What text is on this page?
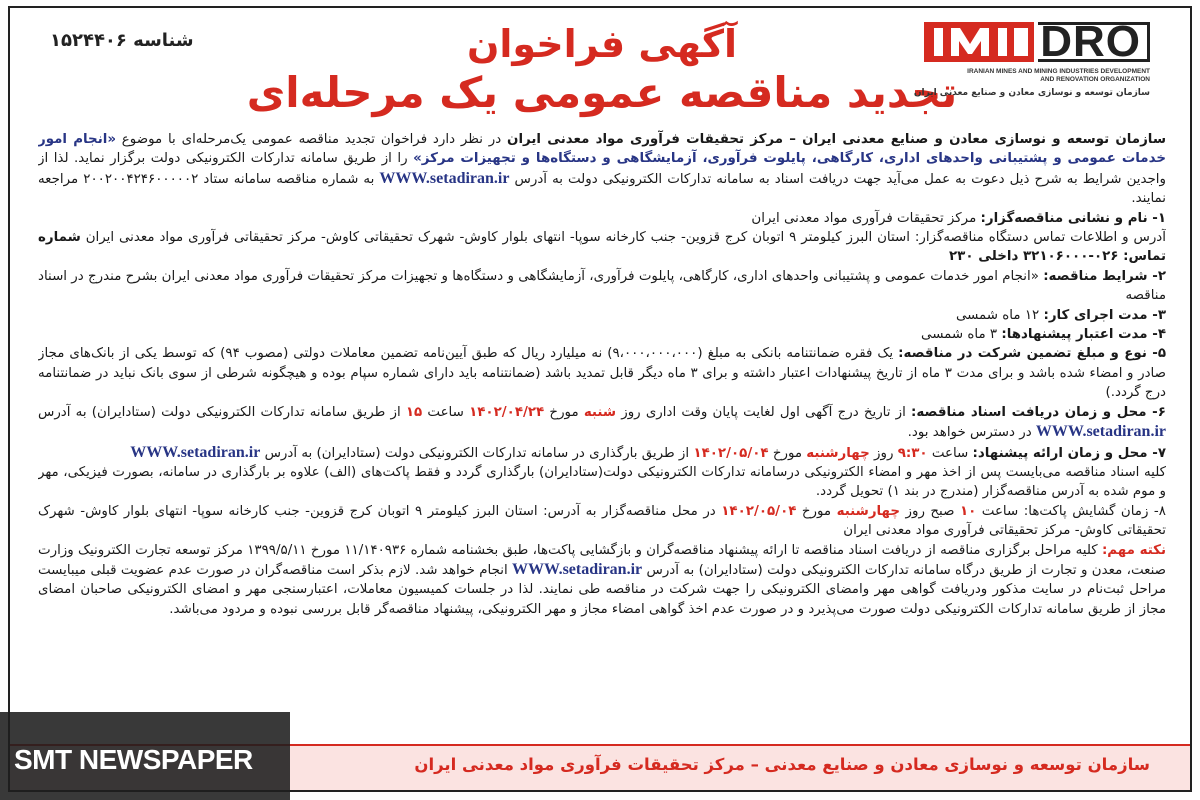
شناسه ۱۵۲۴۴۰۶	آگهی فراخوان
تجدید مناقصه عمومی یک مرحله‌ای
DRO
IRANIAN MINES AND MINING INDUSTRIES DEVELOPMENT
AND RENOVATION ORGANIZATION
سازمان توسعه و نوسازی معادن و صنایع معدنی ایران

سازمان توسعه و نوسازی معادن و صنایع معدنی ایران – مرکز تحقیقات فرآوری مواد معدنی ایران در نظر دارد فراخوان تجدید مناقصه عمومی یک‌مرحله‌ای با موضوع «انجام امور خدمات عمومی و پشتیبانی واحدهای اداری، کارگاهی، پایلوت فرآوری، آزمایشگاهی و دستگاه‌ها و تجهیزات مرکز» را از طریق سامانه تدارکات الکترونیکی دولت برگزار نماید. لذا از واجدین شرایط به شرح ذیل دعوت به عمل می‌آید جهت دریافت اسناد به سامانه تدارکات الکترونیکی دولت به آدرس WWW.setadiran.ir به شماره مناقصه سامانه ستاد ۲۰۰۲۰۰۴۲۴۶۰۰۰۰۰۲ مراجعه نمایند.

۱- نام و نشانی مناقصه‌گزار: مرکز تحقیقات فرآوری مواد معدنی ایران

آدرس و اطلاعات تماس دستگاه مناقصه‌گزار: استان البرز کیلومتر ۹ اتوبان کرج قزوین- جنب کارخانه سوپا- انتهای بلوار کاوش- شهرک تحقیقاتی کاوش- مرکز تحقیقاتی فرآوری مواد معدنی ایران شماره تماس: ۰۲۶-۳۲۱۰۶۰۰۰ داخلی ۲۳۰

۲- شرایط مناقصه: «انجام امور خدمات عمومی و پشتیبانی واحدهای اداری، کارگاهی، پایلوت فرآوری، آزمایشگاهی و دستگاه‌ها و تجهیزات مرکز تحقیقات فرآوری مواد معدنی ایران بشرح مندرج در اسناد مناقصه

۳- مدت اجرای کار: ۱۲ ماه شمسی

۴- مدت اعتبار پیشنهادها: ۳ ماه شمسی

۵- نوع و مبلغ تضمین شرکت در مناقصه: یک فقره ضمانتنامه بانکی به مبلغ (۹،۰۰۰،۰۰۰،۰۰۰) نه میلیارد ریال که طبق آیین‌نامه تضمین معاملات دولتی (مصوب ۹۴) که توسط یکی از بانک‌های مجاز صادر و امضاء شده باشد و برای مدت ۳ ماه از تاریخ پیشنهادات اعتبار داشته و برای ۳ ماه دیگر قابل تمدید باشد (ضمانتنامه باید دارای شماره سپام بوده و هیچگونه شرطی از سوی بانک نباید در ضمانتنامه درج گردد.)

۶- محل و زمان دریافت اسناد مناقصه: از تاریخ درج آگهی اول لغایت پایان وقت اداری روز شنبه مورخ ۱۴۰۲/۰۴/۲۴ ساعت ۱۵ از طریق سامانه تدارکات الکترونیکی دولت (ستادایران) به آدرس WWW.setadiran.ir در دسترس خواهد بود.

۷- محل و زمان ارائه پیشنهاد: ساعت ۹:۳۰ روز چهارشنبه مورخ ۱۴۰۲/۰۵/۰۴ از طریق بارگذاری در سامانه تدارکات الکترونیکی دولت (ستادایران) به آدرس WWW.setadiran.ir

کلیه اسناد مناقصه می‌بایست پس از اخذ مهر و امضاء الکترونیکی درسامانه تدارکات الکترونیکی دولت(ستادایران) بارگذاری گردد و فقط پاکت‌های (الف) علاوه بر بارگذاری در سامانه، بصورت فیزیکی، مهر و موم شده به آدرس مناقصه‌گزار (مندرج در بند ۱) تحویل گردد.

۸- زمان گشایش پاکت‌ها: ساعت ۱۰ صبح روز چهارشنبه مورخ ۱۴۰۲/۰۵/۰۴ در محل مناقصه‌گزار به آدرس: استان البرز کیلومتر ۹ اتوبان کرج قزوین- جنب کارخانه سوپا- انتهای بلوار کاوش- شهرک تحقیقاتی کاوش- مرکز تحقیقاتی فرآوری مواد معدنی ایران

نکته مهم: کلیه مراحل برگزاری مناقصه از دریافت اسناد مناقصه تا ارائه پیشنهاد مناقصه‌گران و بازگشایی پاکت‌ها، طبق بخشنامه شماره ۱۱/۱۴۰۹۳۶ مورخ ۱۳۹۹/۵/۱۱ مرکز توسعه تجارت الکترونیک وزارت صنعت، معدن و تجارت از طریق درگاه سامانه تدارکات الکترونیکی دولت (ستادایران) به آدرس WWW.setadiran.ir انجام خواهد شد. لازم بذکر است مناقصه‌گران در صورت عدم عضویت قبلی میبایست مراحل ثبت‌نام در سایت مذکور ودریافت گواهی مهر وامضای الکترونیکی را جهت شرکت در مناقصه طی نمایند. لذا در جلسات کمیسیون معاملات، اعتبارسنجی مهر و امضای الکترونیکی صاحبان امضای مجاز از طریق سامانه تدارکات الکترونیکی دولت صورت می‌پذیرد و در صورت عدم اخذ گواهی امضاء مجاز و مهر الکترونیکی، پیشنهاد مناقصه‌گر قابل بررسی نبوده و مردود می‌باشد.

سازمان توسعه و نوسازی معادن و صنایع معدنی – مرکز تحقیقات فرآوری مواد معدنی ایران
SMT NEWSPAPER
